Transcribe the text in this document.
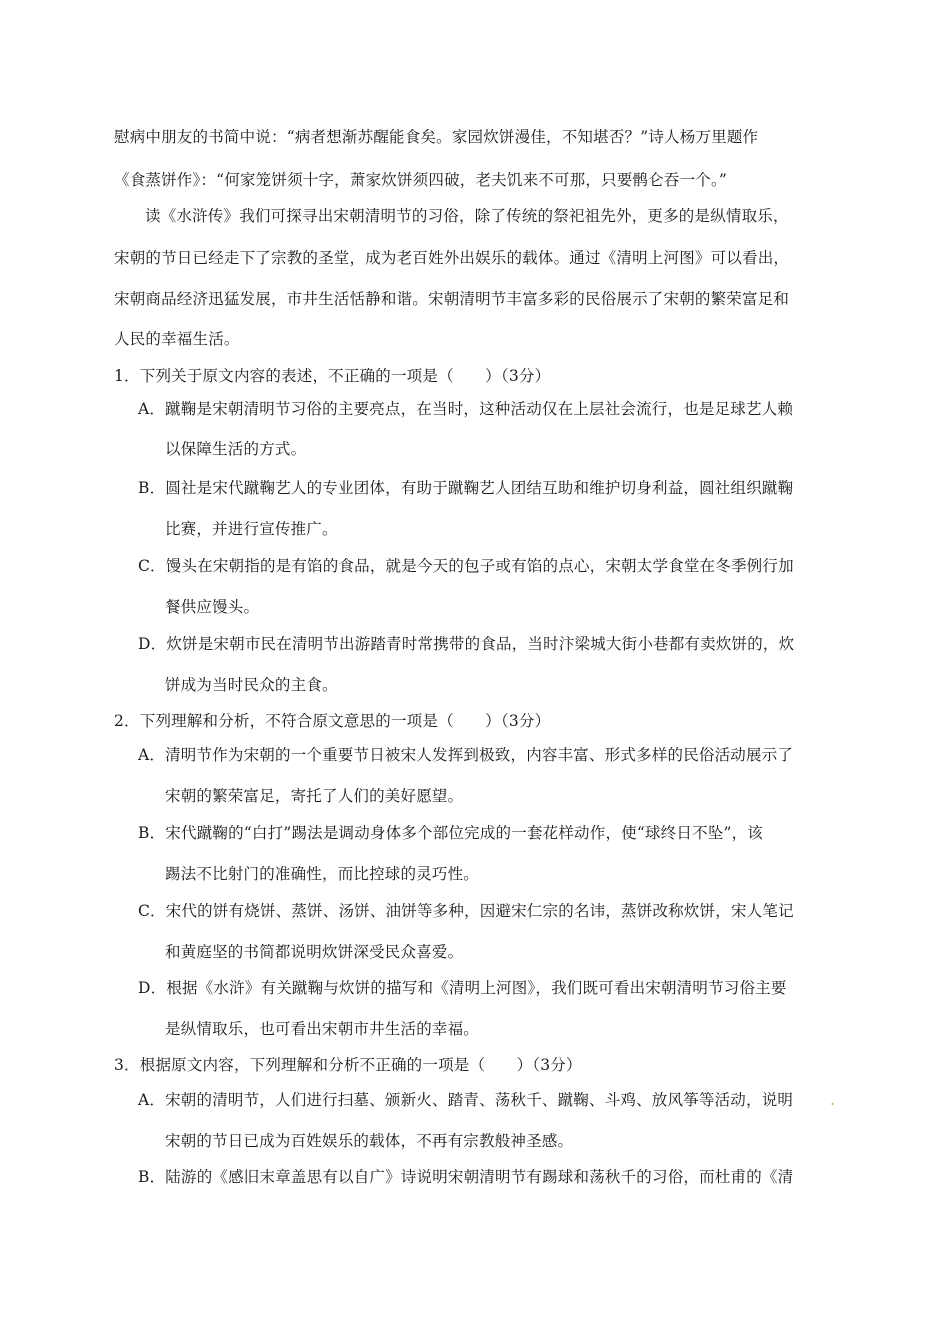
慰病中朋友的书简中说：“病者想渐苏醒能食矣。家园炊饼漫佳，不知堪否？”诗人杨万里题作
《食蒸饼作》：“何家笼饼须十字，萧家炊饼须四破，老夫饥来不可那，只要鹘仑吞一个。”
读《水浒传》我们可探寻出宋朝清明节的习俗，除了传统的祭祀祖先外，更多的是纵情取乐，
宋朝的节日已经走下了宗教的圣堂，成为老百姓外出娱乐的载体。通过《清明上河图》可以看出，
宋朝商品经济迅猛发展，市井生活恬静和谐。宋朝清明节丰富多彩的民俗展示了宋朝的繁荣富足和
人民的幸福生活。
1．下列关于原文内容的表述，不正确的一项是（　　）（3分）
A．蹴鞠是宋朝清明节习俗的主要亮点，在当时，这种活动仅在上层社会流行，也是足球艺人赖
以保障生活的方式。
B．圆社是宋代蹴鞠艺人的专业团体，有助于蹴鞠艺人团结互助和维护切身利益，圆社组织蹴鞠
比赛，并进行宣传推广。
C．馒头在宋朝指的是有馅的食品，就是今天的包子或有馅的点心，宋朝太学食堂在冬季例行加
餐供应馒头。
D．炊饼是宋朝市民在清明节出游踏青时常携带的食品，当时汴梁城大街小巷都有卖炊饼的，炊
饼成为当时民众的主食。
2．下列理解和分析，不符合原文意思的一项是（　　）（3分）
A．清明节作为宋朝的一个重要节日被宋人发挥到极致，内容丰富、形式多样的民俗活动展示了
宋朝的繁荣富足，寄托了人们的美好愿望。
B．宋代蹴鞠的“白打”踢法是调动身体多个部位完成的一套花样动作，使“球终日不坠”，该
踢法不比射门的准确性，而比控球的灵巧性。
C．宋代的饼有烧饼、蒸饼、汤饼、油饼等多种，因避宋仁宗的名讳，蒸饼改称炊饼，宋人笔记
和黄庭坚的书简都说明炊饼深受民众喜爱。
D．根据《水浒》有关蹴鞠与炊饼的描写和《清明上河图》，我们既可看出宋朝清明节习俗主要
是纵情取乐，也可看出宋朝市井生活的幸福。
3．根据原文内容，下列理解和分析不正确的一项是（　　）（3分）
A．宋朝的清明节，人们进行扫墓、颁新火、踏青、荡秋千、蹴鞠、斗鸡、放风筝等活动，说明 .
宋朝的节日已成为百姓娱乐的载体，不再有宗教般神圣感。
B．陆游的《感旧末章盖思有以自广》诗说明宋朝清明节有踢球和荡秋千的习俗，而杜甫的《清
